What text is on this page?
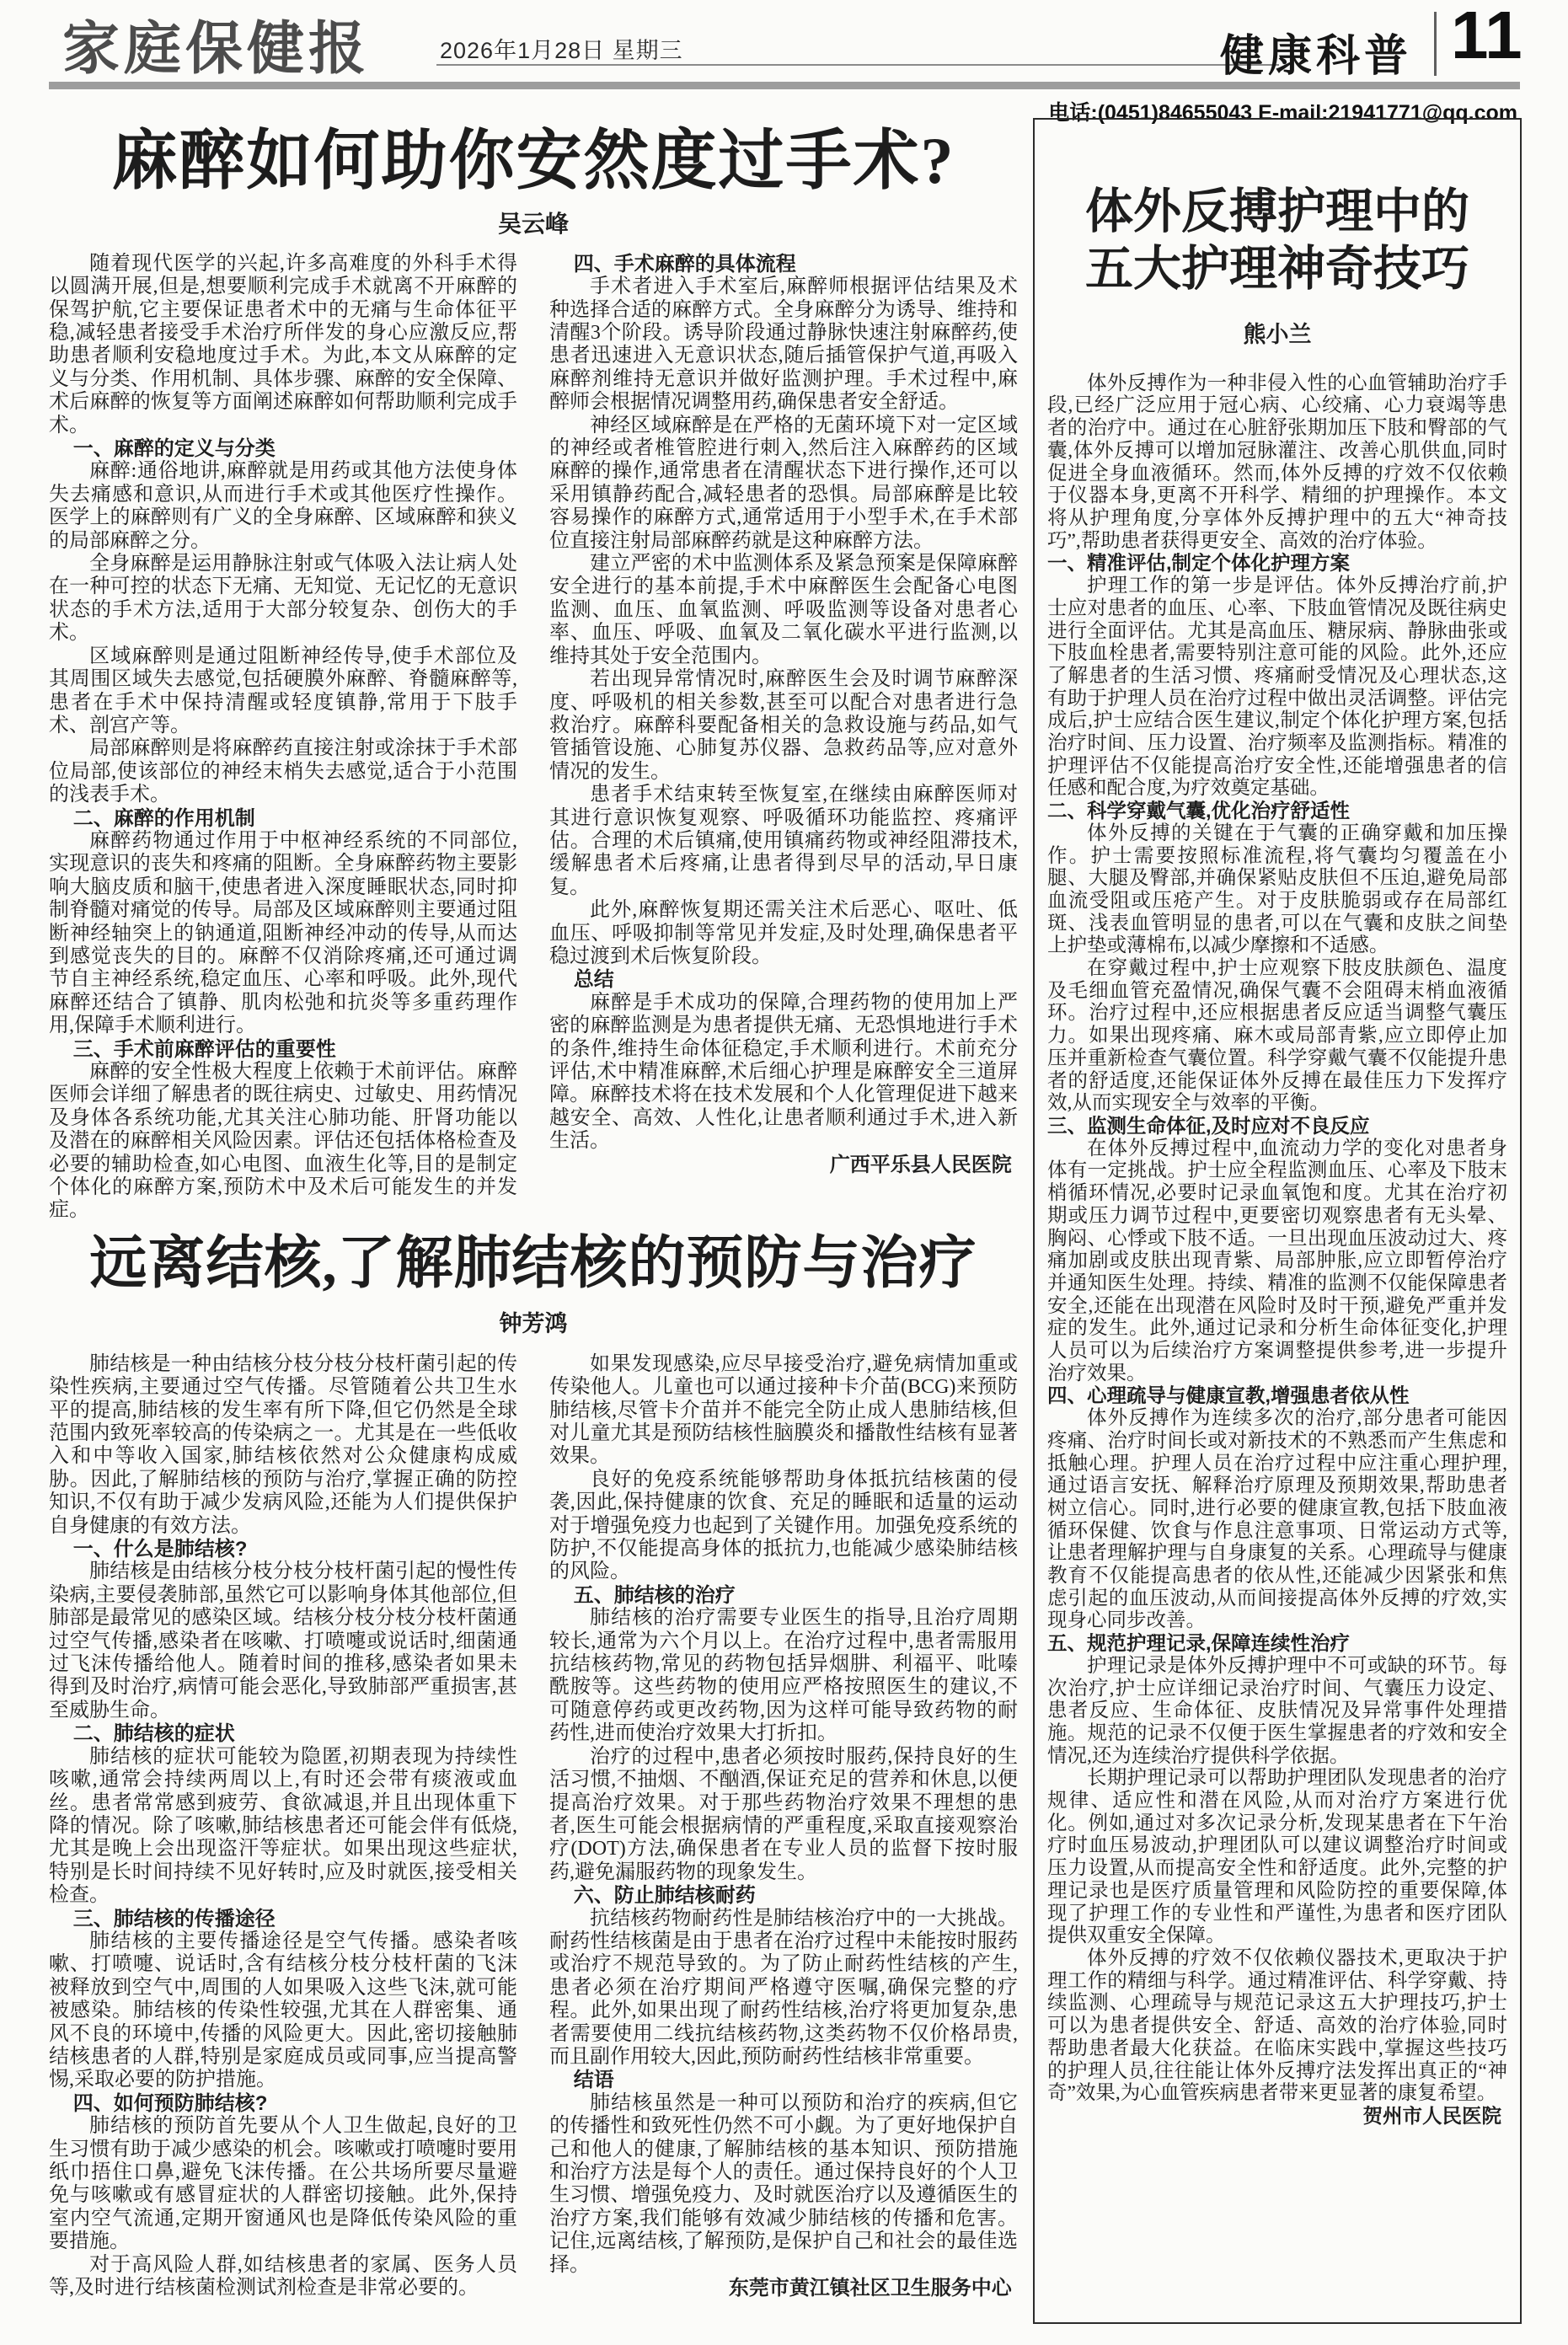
家庭保健报	2026年1月28日 星期三	健康科普 11
电话:(0451)84655043 E-mail:21941771@qq.com
麻醉如何助你安然度过手术?
吴云峰

随着现代医学的兴起,许多高难度的外科手术得以圆满开展,但是,想要顺利完成手术就离不开麻醉的保驾护航,它主要保证患者术中的无痛与生命体征平稳,减轻患者接受手术治疗所伴发的身心应激反应,帮助患者顺利安稳地度过手术。为此,本文从麻醉的定义与分类、作用机制、具体步骤、麻醉的安全保障、术后麻醉的恢复等方面阐述麻醉如何帮助顺利完成手术。

一、麻醉的定义与分类

麻醉:通俗地讲,麻醉就是用药或其他方法使身体失去痛感和意识,从而进行手术或其他医疗性操作。医学上的麻醉则有广义的全身麻醉、区域麻醉和狭义的局部麻醉之分。

全身麻醉是运用静脉注射或气体吸入法让病人处在一种可控的状态下无痛、无知觉、无记忆的无意识状态的手术方法,适用于大部分较复杂、创伤大的手术。

区域麻醉则是通过阻断神经传导,使手术部位及其周围区域失去感觉,包括硬膜外麻醉、脊髓麻醉等,患者在手术中保持清醒或轻度镇静,常用于下肢手术、剖宫产等。

局部麻醉则是将麻醉药直接注射或涂抹于手术部位局部,使该部位的神经末梢失去感觉,适合于小范围的浅表手术。

二、麻醉的作用机制

麻醉药物通过作用于中枢神经系统的不同部位,实现意识的丧失和疼痛的阻断。全身麻醉药物主要影响大脑皮质和脑干,使患者进入深度睡眠状态,同时抑制脊髓对痛觉的传导。局部及区域麻醉则主要通过阻断神经轴突上的钠通道,阻断神经冲动的传导,从而达到感觉丧失的目的。麻醉不仅消除疼痛,还可通过调节自主神经系统,稳定血压、心率和呼吸。此外,现代麻醉还结合了镇静、肌肉松弛和抗炎等多重药理作用,保障手术顺利进行。

三、手术前麻醉评估的重要性

麻醉的安全性极大程度上依赖于术前评估。麻醉医师会详细了解患者的既往病史、过敏史、用药情况及身体各系统功能,尤其关注心肺功能、肝肾功能以及潜在的麻醉相关风险因素。评估还包括体格检查及必要的辅助检查,如心电图、血液生化等,目的是制定个体化的麻醉方案,预防术中及术后可能发生的并发症。

四、手术麻醉的具体流程

手术者进入手术室后,麻醉师根据评估结果及术种选择合适的麻醉方式。全身麻醉分为诱导、维持和清醒3个阶段。诱导阶段通过静脉快速注射麻醉药,使患者迅速进入无意识状态,随后插管保护气道,再吸入麻醉剂维持无意识并做好监测护理。手术过程中,麻醉师会根据情况调整用药,确保患者安全舒适。

神经区域麻醉是在严格的无菌环境下对一定区域的神经或者椎管腔进行刺入,然后注入麻醉药的区域麻醉的操作,通常患者在清醒状态下进行操作,还可以采用镇静药配合,减轻患者的恐惧。局部麻醉是比较容易操作的麻醉方式,通常适用于小型手术,在手术部位直接注射局部麻醉药就是这种麻醉方法。

建立严密的术中监测体系及紧急预案是保障麻醉安全进行的基本前提,手术中麻醉医生会配备心电图监测、血压、血氧监测、呼吸监测等设备对患者心率、血压、呼吸、血氧及二氧化碳水平进行监测,以维持其处于安全范围内。

若出现异常情况时,麻醉医生会及时调节麻醉深度、呼吸机的相关参数,甚至可以配合对患者进行急救治疗。麻醉科要配备相关的急救设施与药品,如气管插管设施、心肺复苏仪器、急救药品等,应对意外情况的发生。

患者手术结束转至恢复室,在继续由麻醉医师对其进行意识恢复观察、呼吸循环功能监控、疼痛评估。合理的术后镇痛,使用镇痛药物或神经阻滞技术,缓解患者术后疼痛,让患者得到尽早的活动,早日康复。

此外,麻醉恢复期还需关注术后恶心、呕吐、低血压、呼吸抑制等常见并发症,及时处理,确保患者平稳过渡到术后恢复阶段。

总结

麻醉是手术成功的保障,合理药物的使用加上严密的麻醉监测是为患者提供无痛、无恐惧地进行手术的条件,维持生命体征稳定,手术顺利进行。术前充分评估,术中精准麻醉,术后细心护理是麻醉安全三道屏障。麻醉技术将在技术发展和个人化管理促进下越来越安全、高效、人性化,让患者顺利通过手术,进入新生活。

广西平乐县人民医院

体外反搏护理中的
五大护理神奇技巧
熊小兰

体外反搏作为一种非侵入性的心血管辅助治疗手段,已经广泛应用于冠心病、心绞痛、心力衰竭等患者的治疗中。通过在心脏舒张期加压下肢和臀部的气囊,体外反搏可以增加冠脉灌注、改善心肌供血,同时促进全身血液循环。然而,体外反搏的疗效不仅依赖于仪器本身,更离不开科学、精细的护理操作。本文将从护理角度,分享体外反搏护理中的五大“神奇技巧”,帮助患者获得更安全、高效的治疗体验。

一、精准评估,制定个体化护理方案

护理工作的第一步是评估。体外反搏治疗前,护士应对患者的血压、心率、下肢血管情况及既往病史进行全面评估。尤其是高血压、糖尿病、静脉曲张或下肢血栓患者,需要特别注意可能的风险。此外,还应了解患者的生活习惯、疼痛耐受情况及心理状态,这有助于护理人员在治疗过程中做出灵活调整。评估完成后,护士应结合医生建议,制定个体化护理方案,包括治疗时间、压力设置、治疗频率及监测指标。精准的护理评估不仅能提高治疗安全性,还能增强患者的信任感和配合度,为疗效奠定基础。

二、科学穿戴气囊,优化治疗舒适性

体外反搏的关键在于气囊的正确穿戴和加压操作。护士需要按照标准流程,将气囊均匀覆盖在小腿、大腿及臀部,并确保紧贴皮肤但不压迫,避免局部血流受阻或压疮产生。对于皮肤脆弱或存在局部红斑、浅表血管明显的患者,可以在气囊和皮肤之间垫上护垫或薄棉布,以减少摩擦和不适感。

在穿戴过程中,护士应观察下肢皮肤颜色、温度及毛细血管充盈情况,确保气囊不会阻碍末梢血液循环。治疗过程中,还应根据患者反应适当调整气囊压力。如果出现疼痛、麻木或局部青紫,应立即停止加压并重新检查气囊位置。科学穿戴气囊不仅能提升患者的舒适度,还能保证体外反搏在最佳压力下发挥疗效,从而实现安全与效率的平衡。

三、监测生命体征,及时应对不良反应

在体外反搏过程中,血流动力学的变化对患者身体有一定挑战。护士应全程监测血压、心率及下肢末梢循环情况,必要时记录血氧饱和度。尤其在治疗初期或压力调节过程中,更要密切观察患者有无头晕、胸闷、心悸或下肢不适。一旦出现血压波动过大、疼痛加剧或皮肤出现青紫、局部肿胀,应立即暂停治疗并通知医生处理。持续、精准的监测不仅能保障患者安全,还能在出现潜在风险时及时干预,避免严重并发症的发生。此外,通过记录和分析生命体征变化,护理人员可以为后续治疗方案调整提供参考,进一步提升治疗效果。

四、心理疏导与健康宣教,增强患者依从性

体外反搏作为连续多次的治疗,部分患者可能因疼痛、治疗时间长或对新技术的不熟悉而产生焦虑和抵触心理。护理人员在治疗过程中应注重心理护理,通过语言安抚、解释治疗原理及预期效果,帮助患者树立信心。同时,进行必要的健康宣教,包括下肢血液循环保健、饮食与作息注意事项、日常运动方式等,让患者理解护理与自身康复的关系。心理疏导与健康教育不仅能提高患者的依从性,还能减少因紧张和焦虑引起的血压波动,从而间接提高体外反搏的疗效,实现身心同步改善。

五、规范护理记录,保障连续性治疗

护理记录是体外反搏护理中不可或缺的环节。每次治疗,护士应详细记录治疗时间、气囊压力设定、患者反应、生命体征、皮肤情况及异常事件处理措施。规范的记录不仅便于医生掌握患者的疗效和安全情况,还为连续治疗提供科学依据。

长期护理记录可以帮助护理团队发现患者的治疗规律、适应性和潜在风险,从而对治疗方案进行优化。例如,通过对多次记录分析,发现某患者在下午治疗时血压易波动,护理团队可以建议调整治疗时间或压力设置,从而提高安全性和舒适度。此外,完整的护理记录也是医疗质量管理和风险防控的重要保障,体现了护理工作的专业性和严谨性,为患者和医疗团队提供双重安全保障。

体外反搏的疗效不仅依赖仪器技术,更取决于护理工作的精细与科学。通过精准评估、科学穿戴、持续监测、心理疏导与规范记录这五大护理技巧,护士可以为患者提供安全、舒适、高效的治疗体验,同时帮助患者最大化获益。在临床实践中,掌握这些技巧的护理人员,往往能让体外反搏疗法发挥出真正的“神奇”效果,为心血管疾病患者带来更显著的康复希望。

贺州市人民医院

远离结核,了解肺结核的预防与治疗
钟芳鸿

肺结核是一种由结核分枝分枝分枝杆菌引起的传染性疾病,主要通过空气传播。尽管随着公共卫生水平的提高,肺结核的发生率有所下降,但它仍然是全球范围内致死率较高的传染病之一。尤其是在一些低收入和中等收入国家,肺结核依然对公众健康构成威胁。因此,了解肺结核的预防与治疗,掌握正确的防控知识,不仅有助于减少发病风险,还能为人们提供保护自身健康的有效方法。

一、什么是肺结核?

肺结核是由结核分枝分枝分枝杆菌引起的慢性传染病,主要侵袭肺部,虽然它可以影响身体其他部位,但肺部是最常见的感染区域。结核分枝分枝分枝杆菌通过空气传播,感染者在咳嗽、打喷嚏或说话时,细菌通过飞沫传播给他人。随着时间的推移,感染者如果未得到及时治疗,病情可能会恶化,导致肺部严重损害,甚至威胁生命。

二、肺结核的症状

肺结核的症状可能较为隐匿,初期表现为持续性咳嗽,通常会持续两周以上,有时还会带有痰液或血丝。患者常常感到疲劳、食欲减退,并且出现体重下降的情况。除了咳嗽,肺结核患者还可能会伴有低烧,尤其是晚上会出现盗汗等症状。如果出现这些症状,特别是长时间持续不见好转时,应及时就医,接受相关检查。

三、肺结核的传播途径

肺结核的主要传播途径是空气传播。感染者咳嗽、打喷嚏、说话时,含有结核分枝分枝杆菌的飞沫被释放到空气中,周围的人如果吸入这些飞沫,就可能被感染。肺结核的传染性较强,尤其在人群密集、通风不良的环境中,传播的风险更大。因此,密切接触肺结核患者的人群,特别是家庭成员或同事,应当提高警惕,采取必要的防护措施。

四、如何预防肺结核?

肺结核的预防首先要从个人卫生做起,良好的卫生习惯有助于减少感染的机会。咳嗽或打喷嚏时要用纸巾捂住口鼻,避免飞沫传播。在公共场所要尽量避免与咳嗽或有感冒症状的人群密切接触。此外,保持室内空气流通,定期开窗通风也是降低传染风险的重要措施。

对于高风险人群,如结核患者的家属、医务人员等,及时进行结核菌检测试剂检查是非常必要的。

如果发现感染,应尽早接受治疗,避免病情加重或传染他人。儿童也可以通过接种卡介苗(BCG)来预防肺结核,尽管卡介苗并不能完全防止成人患肺结核,但对儿童尤其是预防结核性脑膜炎和播散性结核有显著效果。

良好的免疫系统能够帮助身体抵抗结核菌的侵袭,因此,保持健康的饮食、充足的睡眠和适量的运动对于增强免疫力也起到了关键作用。加强免疫系统的防护,不仅能提高身体的抵抗力,也能减少感染肺结核的风险。

五、肺结核的治疗

肺结核的治疗需要专业医生的指导,且治疗周期较长,通常为六个月以上。在治疗过程中,患者需服用抗结核药物,常见的药物包括异烟肼、利福平、吡嗪酰胺等。这些药物的使用应严格按照医生的建议,不可随意停药或更改药物,因为这样可能导致药物的耐药性,进而使治疗效果大打折扣。

治疗的过程中,患者必须按时服药,保持良好的生活习惯,不抽烟、不酗酒,保证充足的营养和休息,以便提高治疗效果。对于那些药物治疗效果不理想的患者,医生可能会根据病情的严重程度,采取直接观察治疗(DOT)方法,确保患者在专业人员的监督下按时服药,避免漏服药物的现象发生。

六、防止肺结核耐药

抗结核药物耐药性是肺结核治疗中的一大挑战。耐药性结核菌是由于患者在治疗过程中未能按时服药或治疗不规范导致的。为了防止耐药性结核的产生,患者必须在治疗期间严格遵守医嘱,确保完整的疗程。此外,如果出现了耐药性结核,治疗将更加复杂,患者需要使用二线抗结核药物,这类药物不仅价格昂贵,而且副作用较大,因此,预防耐药性结核非常重要。

结语

肺结核虽然是一种可以预防和治疗的疾病,但它的传播性和致死性仍然不可小觑。为了更好地保护自己和他人的健康,了解肺结核的基本知识、预防措施和治疗方法是每个人的责任。通过保持良好的个人卫生习惯、增强免疫力、及时就医治疗以及遵循医生的治疗方案,我们能够有效减少肺结核的传播和危害。记住,远离结核,了解预防,是保护自己和社会的最佳选择。

东莞市黄江镇社区卫生服务中心
